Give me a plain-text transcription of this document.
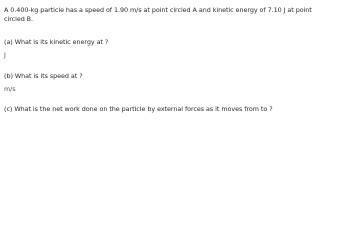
A 0.400-kg particle has a speed of 1.90 m/s at point circled A and kinetic energy of 7.10 J at point
circled B.
(a) What is its kinetic energy at ?
J
(b) What is its speed at ?
m/s
(c) What is the net work done on the particle by external forces as it moves from to ?
